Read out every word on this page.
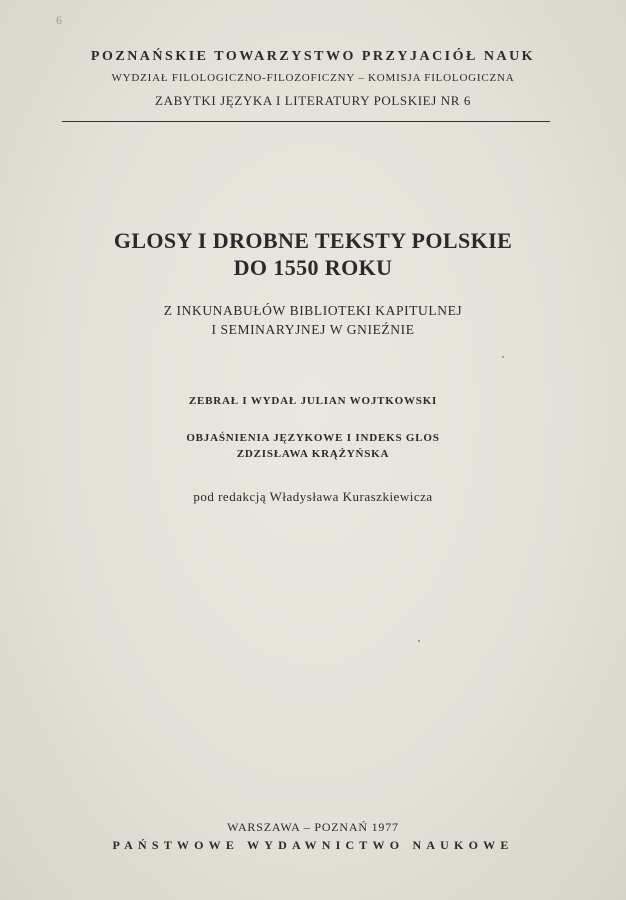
6
POZNAŃSKIE TOWARZYSTWO PRZYJACIÓŁ NAUK
WYDZIAŁ FILOLOGICZNO-FILOZOFICZNY – KOMISJA FILOLOGICZNA
ZABYTKI JĘZYKA I LITERATURY POLSKIEJ NR 6
GLOSY I DROBNE TEKSTY POLSKIE
DO 1550 ROKU
Z INKUNABUŁÓW BIBLIOTEKI KAPITULNEJ
I SEMINARYJNEJ W GNIEŹNIE
ZEBRAŁ I WYDAŁ JULIAN WOJTKOWSKI
OBJAŚNIENIA JĘZYKOWE I INDEKS GLOS
ZDZISŁAWA KRĄŻYŃSKA
pod redakcją Władysława Kuraszkiewicza
WARSZAWA – POZNAŃ 1977
PAŃSTWOWE WYDAWNICTWO NAUKOWE
